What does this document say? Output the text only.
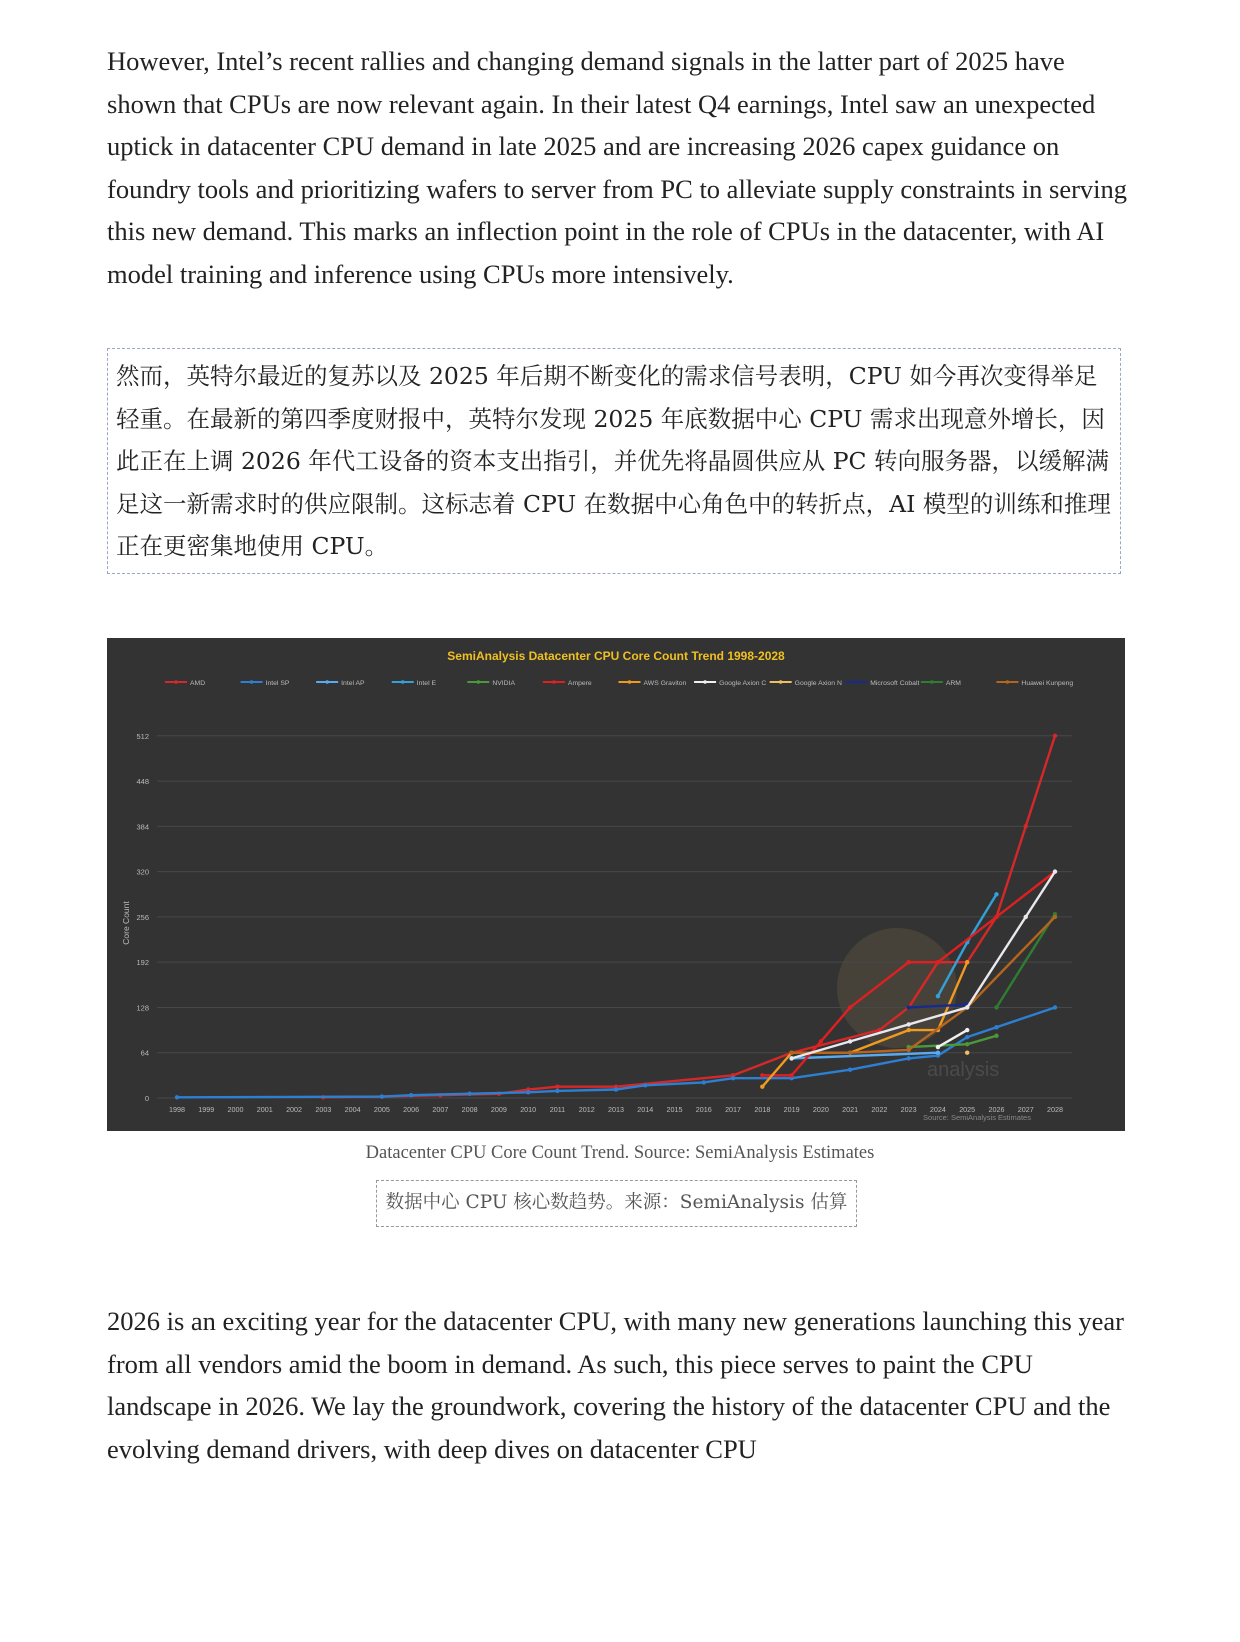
However, Intel’s recent rallies and changing demand signals in the latter part of 2025 have shown that CPUs are now relevant again. In their latest Q4 earnings, Intel saw an unexpected uptick in datacenter CPU demand in late 2025 and are increasing 2026 capex guidance on foundry tools and prioritizing wafers to server from PC to alleviate supply constraints in serving this new demand. This marks an inflection point in the role of CPUs in the datacenter, with AI model training and inference using CPUs more intensively.

然而，英特尔最近的复苏以及 2025 年后期不断变化的需求信号表明，CPU 如今再次变得举足轻重。在最新的第四季度财报中，英特尔发现 2025 年底数据中心 CPU 需求出现意外增长，因此正在上调 2026 年代工设备的资本支出指引，并优先将晶圆供应从 PC 转向服务器，以缓解满足这一新需求时的供应限制。这标志着 CPU 在数据中心角色中的转折点，AI 模型的训练和推理正在更密集地使用 CPU。
analysis
0
64
128
192
256
320
384
448
512
1998 1999 2000 2001 2002 2003 2004 2005 2006 2007 2008 2009 2010 2011 2012 2013 2014 2015 2016 2017 2018 2019 2020 2021 2022 2023 2024 2025 2026 2027 2028
AMD	Intel SP	Intel AP	Intel E	NVIDIA	Ampere	AWS Graviton	Google Axion C	Google Axion N	Microsoft Cobalt	ARM	Huawei Kunpeng
SemiAnalysis Datacenter CPU Core Count Trend 1998-2028
Core Count
Source: SemiAnalysis Estimates
Datacenter CPU Core Count Trend. Source: SemiAnalysis Estimates
数据中心 CPU 核心数趋势。来源：SemiAnalysis 估算

2026 is an exciting year for the datacenter CPU, with many new generations launching this year from all vendors amid the boom in demand. As such, this piece serves to paint the CPU landscape in 2026. We lay the groundwork, covering the history of the datacenter CPU and the evolving demand drivers, with deep dives on datacenter CPU
